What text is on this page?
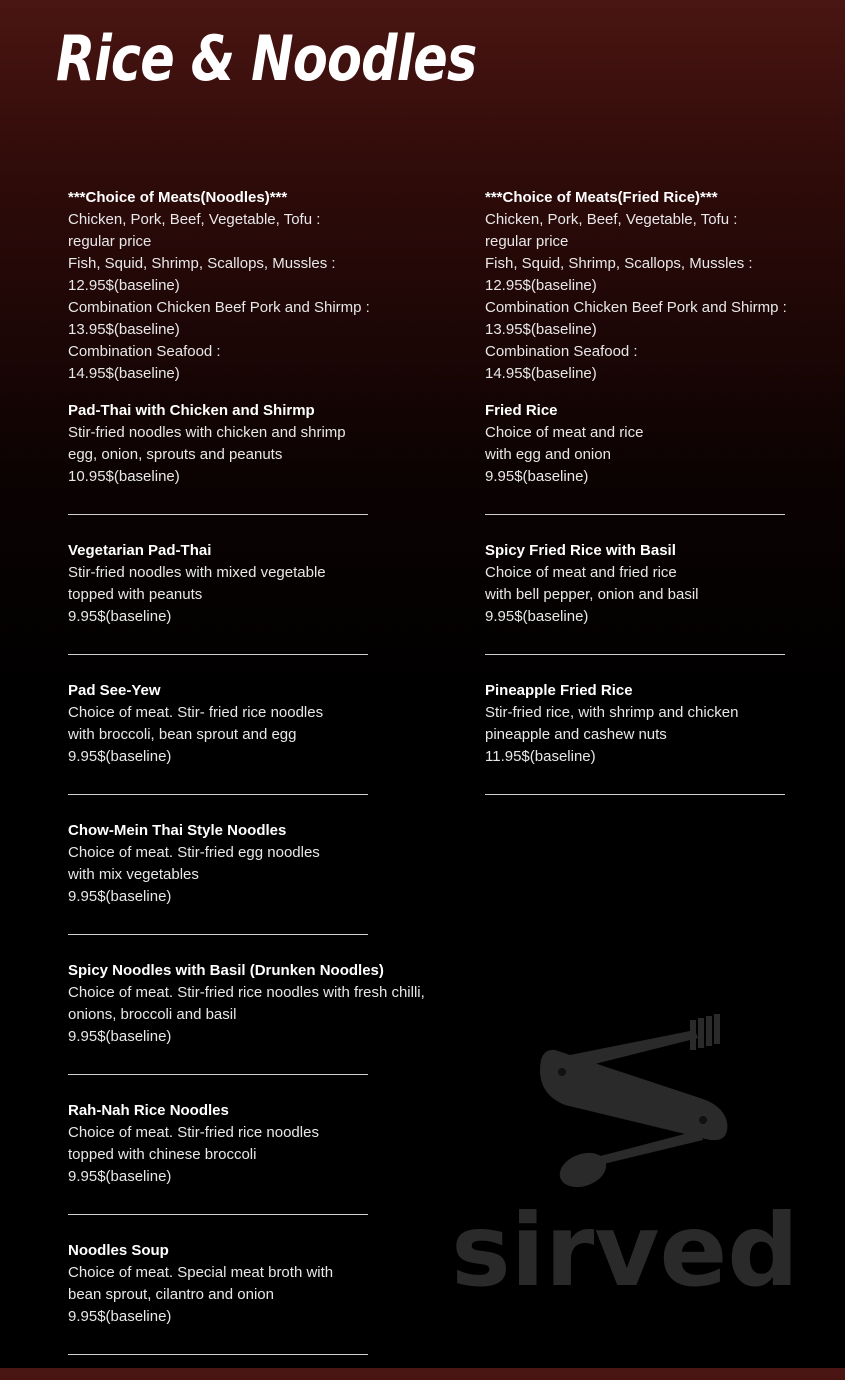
Rice & Noodles
***Choice of Meats(Noodles)***
Chicken, Pork, Beef, Vegetable, Tofu :
regular price
Fish, Squid, Shrimp, Scallops, Mussles :
12.95$(baseline)
Combination Chicken Beef Pork and Shirmp :
13.95$(baseline)
Combination Seafood :
14.95$(baseline)
Pad-Thai with Chicken and Shirmp
Stir-fried noodles with chicken and shrimp
egg, onion, sprouts and peanuts
10.95$(baseline)
Vegetarian Pad-Thai
Stir-fried noodles with mixed vegetable
topped with peanuts
9.95$(baseline)
Pad See-Yew
Choice of meat. Stir- fried rice noodles
with broccoli, bean sprout and egg
9.95$(baseline)
Chow-Mein Thai Style Noodles
Choice of meat. Stir-fried egg noodles
with mix vegetables
9.95$(baseline)
Spicy Noodles with Basil (Drunken Noodles)
Choice of meat. Stir-fried rice noodles with fresh chilli,
onions, broccoli and basil
9.95$(baseline)
Rah-Nah Rice Noodles
Choice of meat. Stir-fried rice noodles
topped with chinese broccoli
9.95$(baseline)
Noodles Soup
Choice of meat. Special meat broth with
bean sprout, cilantro and onion
9.95$(baseline)
***Choice of Meats(Fried Rice)***
Chicken, Pork, Beef, Vegetable, Tofu :
regular price
Fish, Squid, Shrimp, Scallops, Mussles :
12.95$(baseline)
Combination Chicken Beef Pork and Shirmp :
13.95$(baseline)
Combination Seafood :
14.95$(baseline)
Fried Rice
Choice of meat and rice
with egg and onion
9.95$(baseline)
Spicy Fried Rice with Basil
Choice of meat and fried rice
with bell pepper, onion and basil
9.95$(baseline)
Pineapple Fried Rice
Stir-fried rice, with shrimp and chicken
pineapple and cashew nuts
11.95$(baseline)
sirved
